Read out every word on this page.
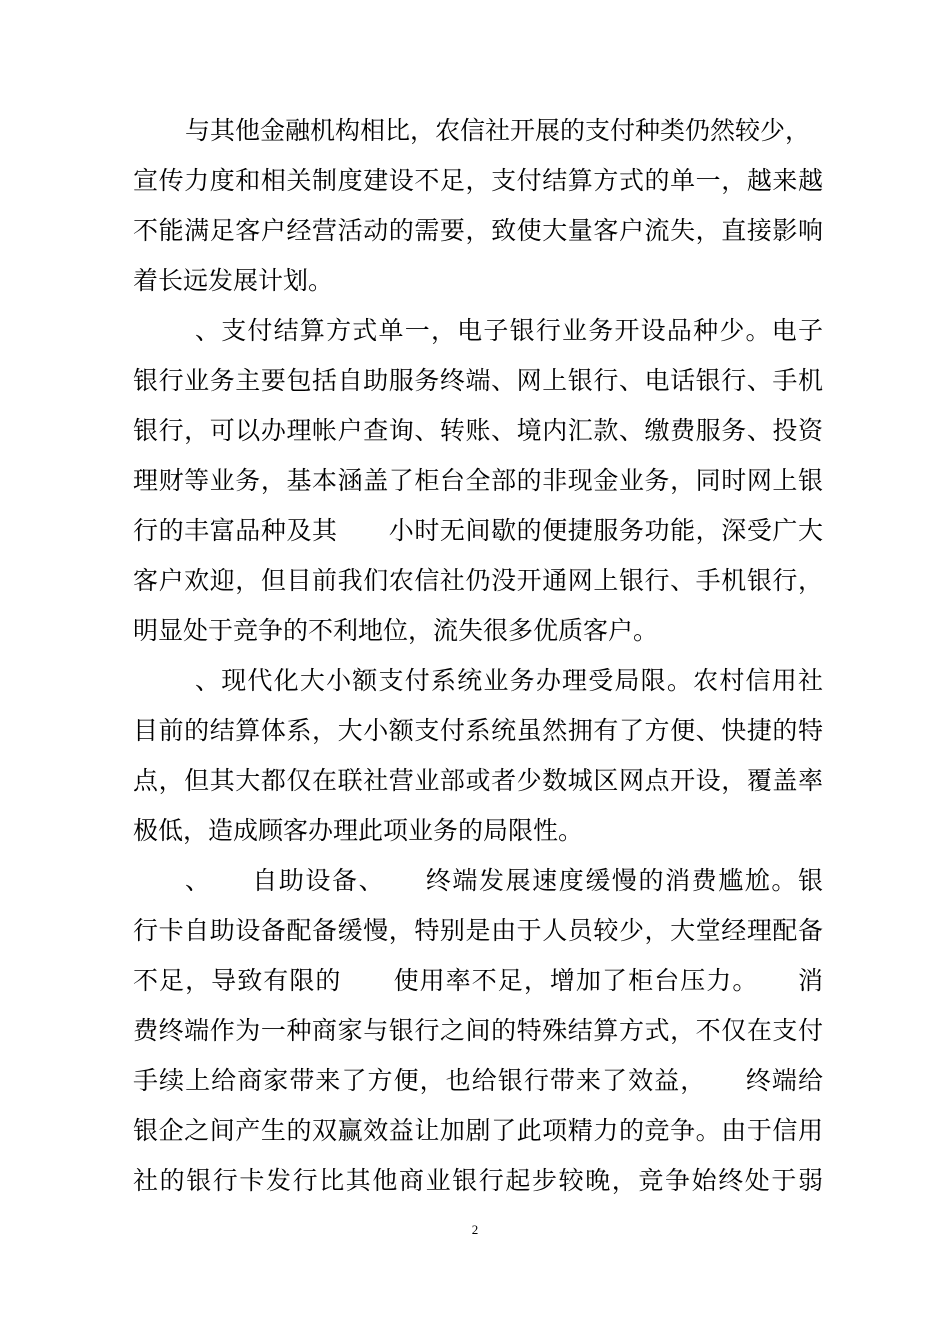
与其他金融机构相比，农信社开展的支付种类仍然较少，
宣传力度和相关制度建设不足，支付结算方式的单一，越来越
不能满足客户经营活动的需要，致使大量客户流失，直接影响
着长远发展计划。
、支付结算方式单一，电子银行业务开设品种少。电子
银行业务主要包括自助服务终端、网上银行、电话银行、手机
银行，可以办理帐户查询、转账、境内汇款、缴费服务、投资
理财等业务，基本涵盖了柜台全部的非现金业务，同时网上银
行的丰富品种及其　　小时无间歇的便捷服务功能，深受广大
客户欢迎，但目前我们农信社仍没开通网上银行、手机银行，
明显处于竞争的不利地位，流失很多优质客户。
、现代化大小额支付系统业务办理受局限。农村信用社
目前的结算体系，大小额支付系统虽然拥有了方便、快捷的特
点，但其大都仅在联社营业部或者少数城区网点开设，覆盖率
极低，造成顾客办理此项业务的局限性。
、　　自助设备、　　终端发展速度缓慢的消费尴尬。银
行卡自助设备配备缓慢，特别是由于人员较少，大堂经理配备
不足，导致有限的　　使用率不足，增加了柜台压力。　　消
费终端作为一种商家与银行之间的特殊结算方式，不仅在支付
手续上给商家带来了方便，也给银行带来了效益，　　终端给
银企之间产生的双赢效益让加剧了此项精力的竞争。由于信用
社的银行卡发行比其他商业银行起步较晚，竞争始终处于弱
2
